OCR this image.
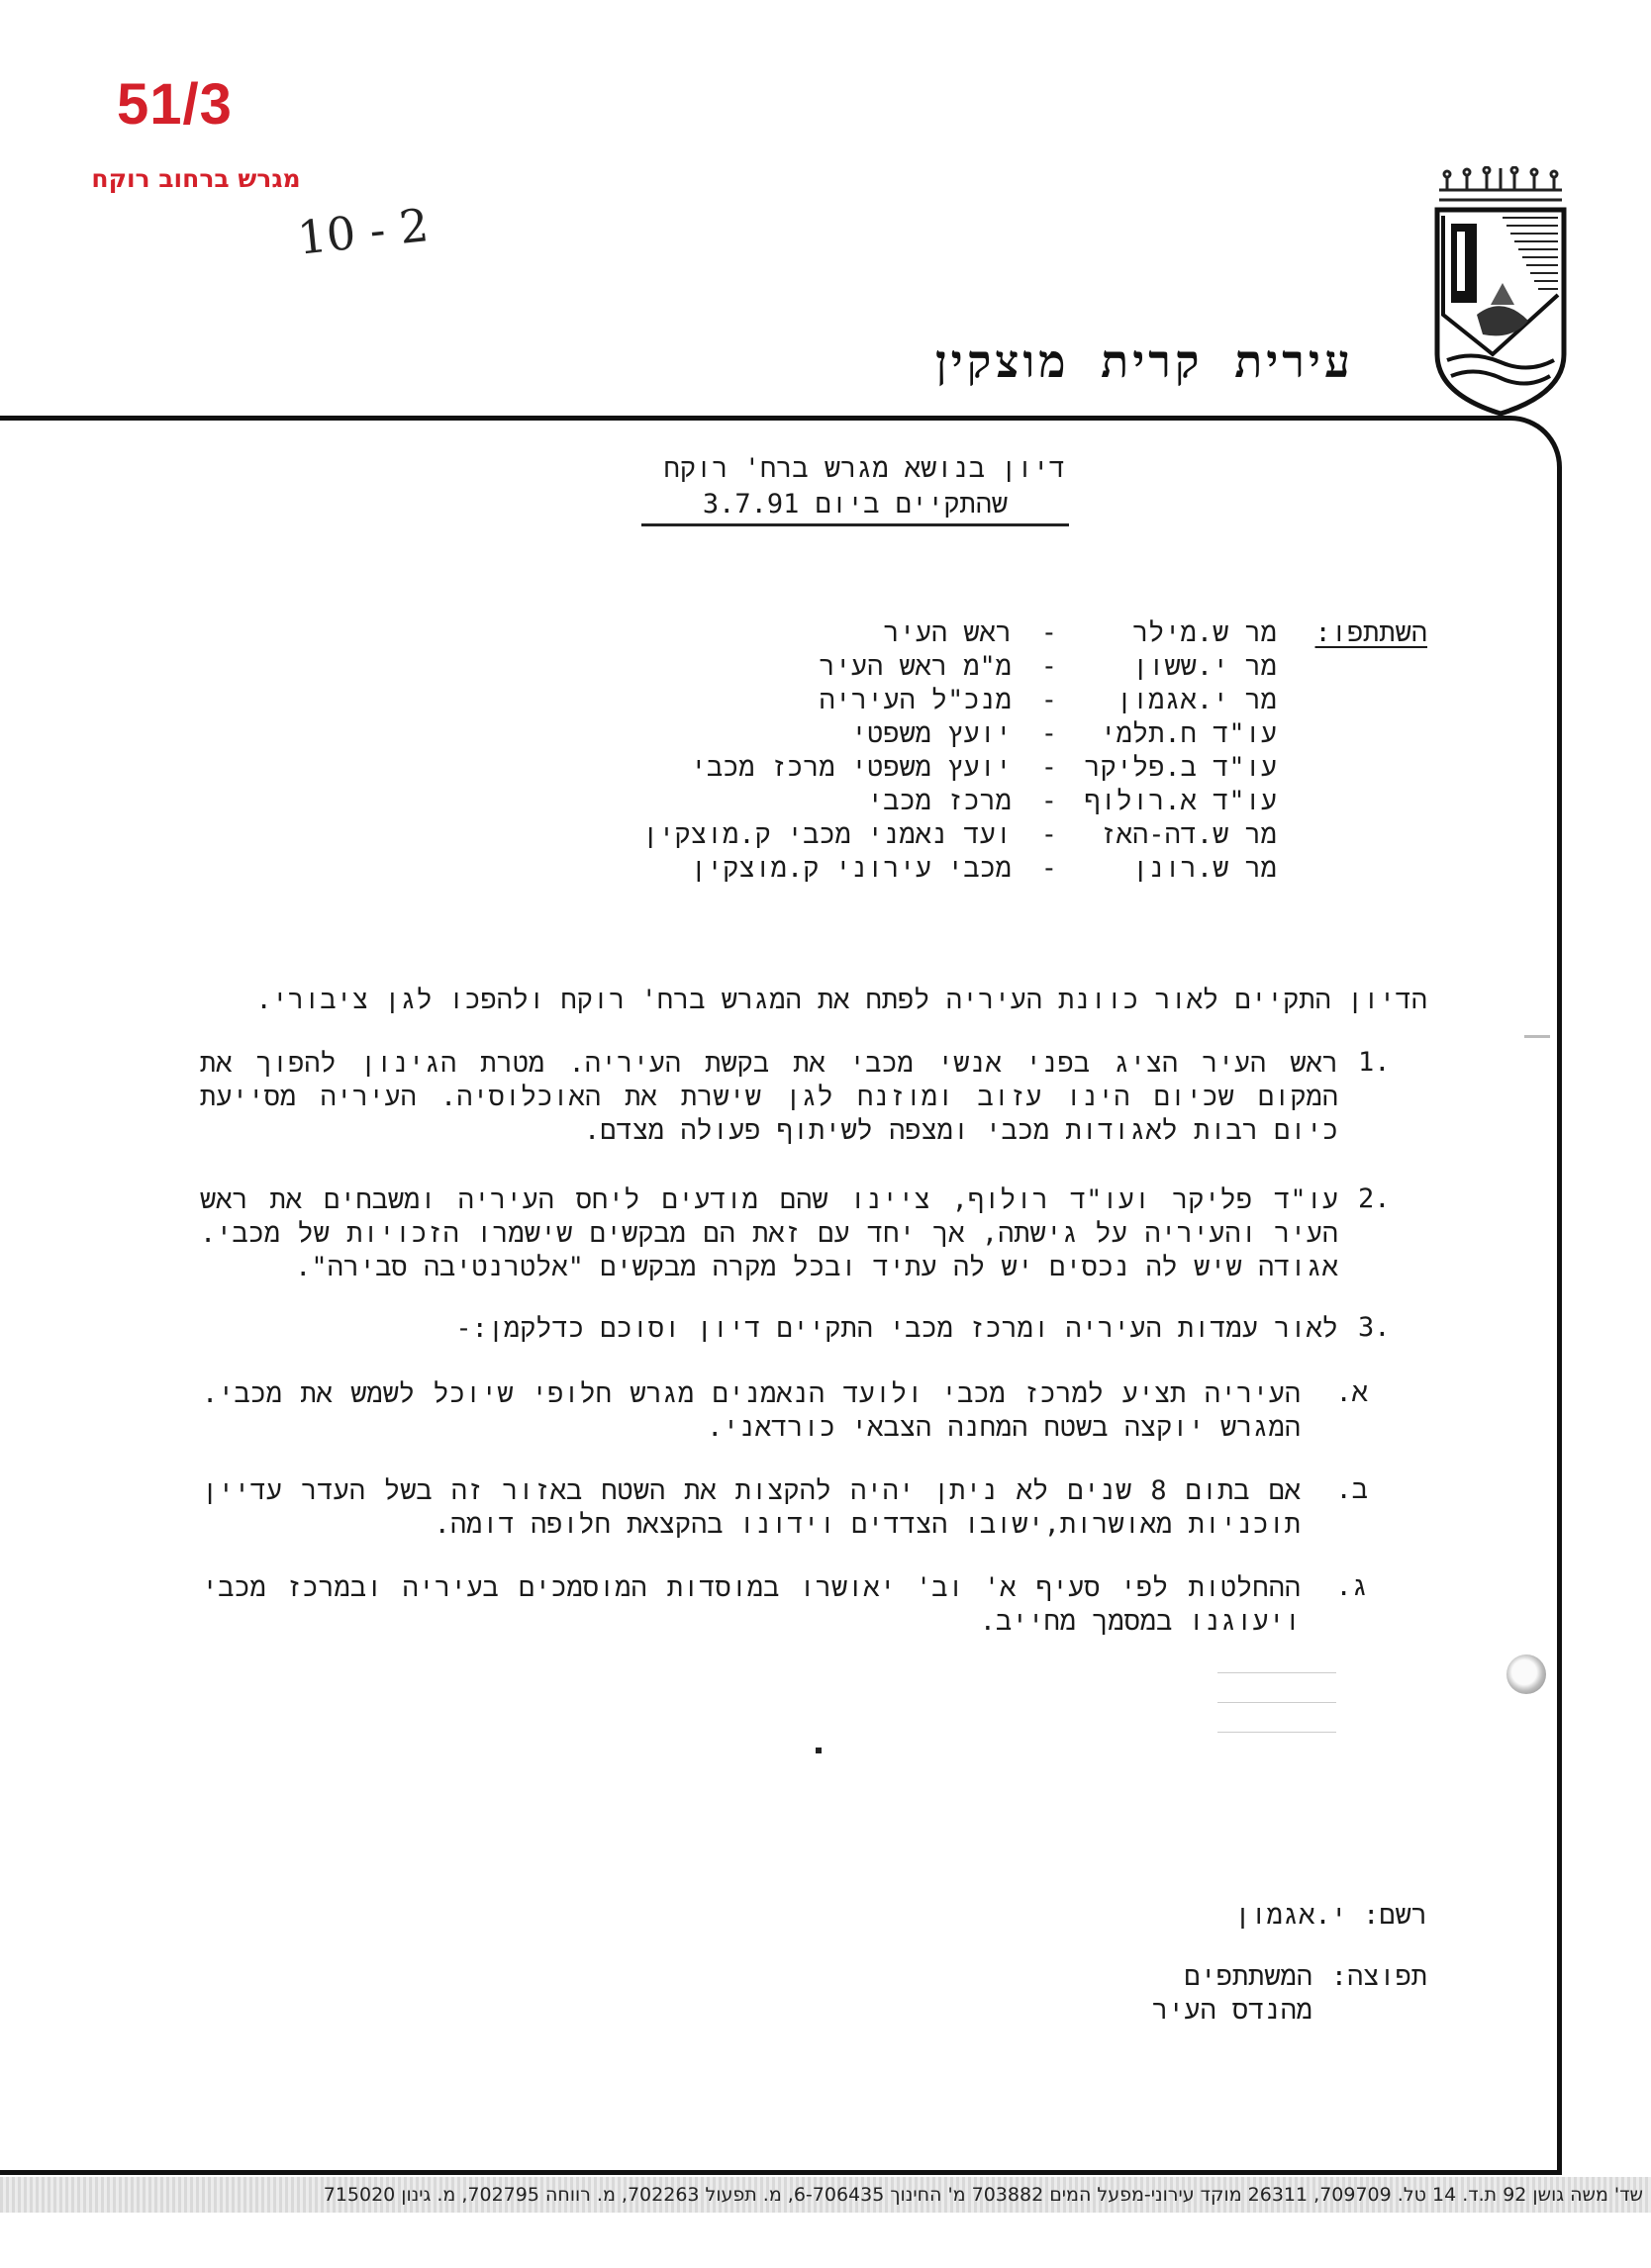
51/3
מגרש ברחוב רוקח
10 - 2
עירית קרית מוצקין
דיון בנושא מגרש ברח' רוקח
שהתקיים ביום 3.7.91
השתתפו:
מר ש.מילר
-
ראש העיר
מר י.ששון
-
מ"מ ראש העיר
מר י.אגמון
-
מנכ"ל העיריה
עו"ד ח.תלמי
-
יועץ משפטי
עו"ד ב.פליקר
-
יועץ משפטי מרכז מכבי
עו"ד א.רולוף
-
מרכז מכבי
מר ש.דה-האז
-
ועד נאמני מכבי ק.מוצקין
מר ש.רונן
-
מכבי עירוני ק.מוצקין
הדיון התקיים לאור כוונת העיריה לפתח את המגרש ברח' רוקח ולהפכו לגן ציבורי.
1.
ראש העיר הציג בפני אנשי מכבי את בקשת העיריה. מטרת הגינון להפוך את המקום שכיום הינו עזוב ומוזנח לגן שישרת את האוכלוסיה. העיריה מסייעת כיום רבות לאגודות מכבי ומצפה לשיתוף פעולה מצדם.
2.
עו"ד פליקר ועו"ד רולוף, ציינו שהם מודעים ליחס העיריה ומשבחים את ראש העיר והעיריה על גישתה, אך יחד עם זאת הם מבקשים שישמרו הזכויות של מכבי. אגודה שיש לה נכסים יש לה עתיד ובכל מקרה מבקשים "אלטרנטיבה סבירה".
3.
לאור עמדות העיריה ומרכז מכבי התקיים דיון וסוכם כדלקמן:-
א.
העיריה תציע למרכז מכבי ולועד הנאמנים מגרש חלופי שיוכל לשמש את מכבי. המגרש יוקצה בשטח המחנה הצבאי כורדאני.
ב.
אם בתום 8 שנים לא ניתן יהיה להקצות את השטח באזור זה בשל העדר עדיין תוכניות מאושרות,ישובו הצדדים וידונו בהקצאת חלופה דומה.
ג.
ההחלטות לפי סעיף א' וב' יאושרו במוסדות המוסמכים בעיריה ובמרכז מכבי ויעוגנו במסמך מחייב.
רשם: י.אגמון
תפוצה:
המשתתפים
מהנדס העיר
שד' משה גושן 92 ת.ד. 14 טל. 709709, 26311 מוקד עירוני-מפעל המים 703882 מ' החינוך 6-706435, מ. תפעול 702263, מ. רווחה 702795, מ. גינון 715020
